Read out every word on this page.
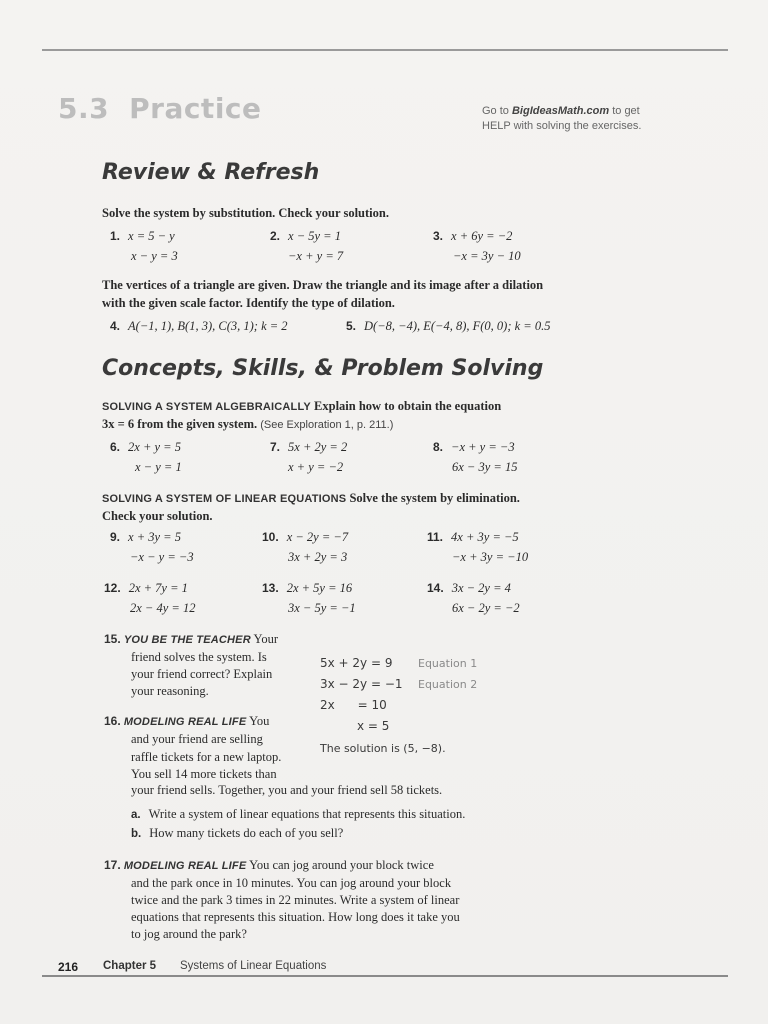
5.3 Practice	Go to BigIdeasMath.com to get
HELP with solving the exercises.
Review & Refresh
Solve the system by substitution. Check your solution.
1. x = 5 − y
x − y = 3
2. x − 5y = 1
−x + y = 7
3. x + 6y = −2
−x = 3y − 10
The vertices of a triangle are given. Draw the triangle and its image after a dilation
with the given scale factor. Identify the type of dilation.
4. A(−1, 1), B(1, 3), C(3, 1); k = 2	5. D(−8, −4), E(−4, 8), F(0, 0); k = 0.5
Concepts, Skills, & Problem Solving
SOLVING A SYSTEM ALGEBRAICALLY Explain how to obtain the equation
3x = 6 from the given system. (See Exploration 1, p. 211.)
6. 2x + y = 5
x − y = 1
7. 5x + 2y = 2
x + y = −2
8. −x + y = −3
6x − 3y = 15
SOLVING A SYSTEM OF LINEAR EQUATIONS Solve the system by elimination.
Check your solution.
9. x + 3y = 5
−x − y = −3
10. x − 2y = −7
3x + 2y = 3
11. 4x + 3y = −5
−x + 3y = −10
12. 2x + 7y = 1
2x − 4y = 12
13. 2x + 5y = 16
3x − 5y = −1
14. 3x − 2y = 4
6x − 2y = −2
15. YOU BE THE TEACHER Your
friend solves the system. Is
your friend correct? Explain
your reasoning.
5x + 2y = 9 Equation 1
3x − 2y = −1 Equation 2
2x      = 10
x = 5
The solution is (5, −8).
16. MODELING REAL LIFE You
and your friend are selling
raffle tickets for a new laptop.
You sell 14 more tickets than
your friend sells. Together, you and your friend sell 58 tickets.
a. Write a system of linear equations that represents this situation.
b. How many tickets do each of you sell?
17. MODELING REAL LIFE You can jog around your block twice
and the park once in 10 minutes. You can jog around your block
twice and the park 3 times in 22 minutes. Write a system of linear
equations that represents this situation. How long does it take you
to jog around the park?
216 Chapter 5 Systems of Linear Equations
